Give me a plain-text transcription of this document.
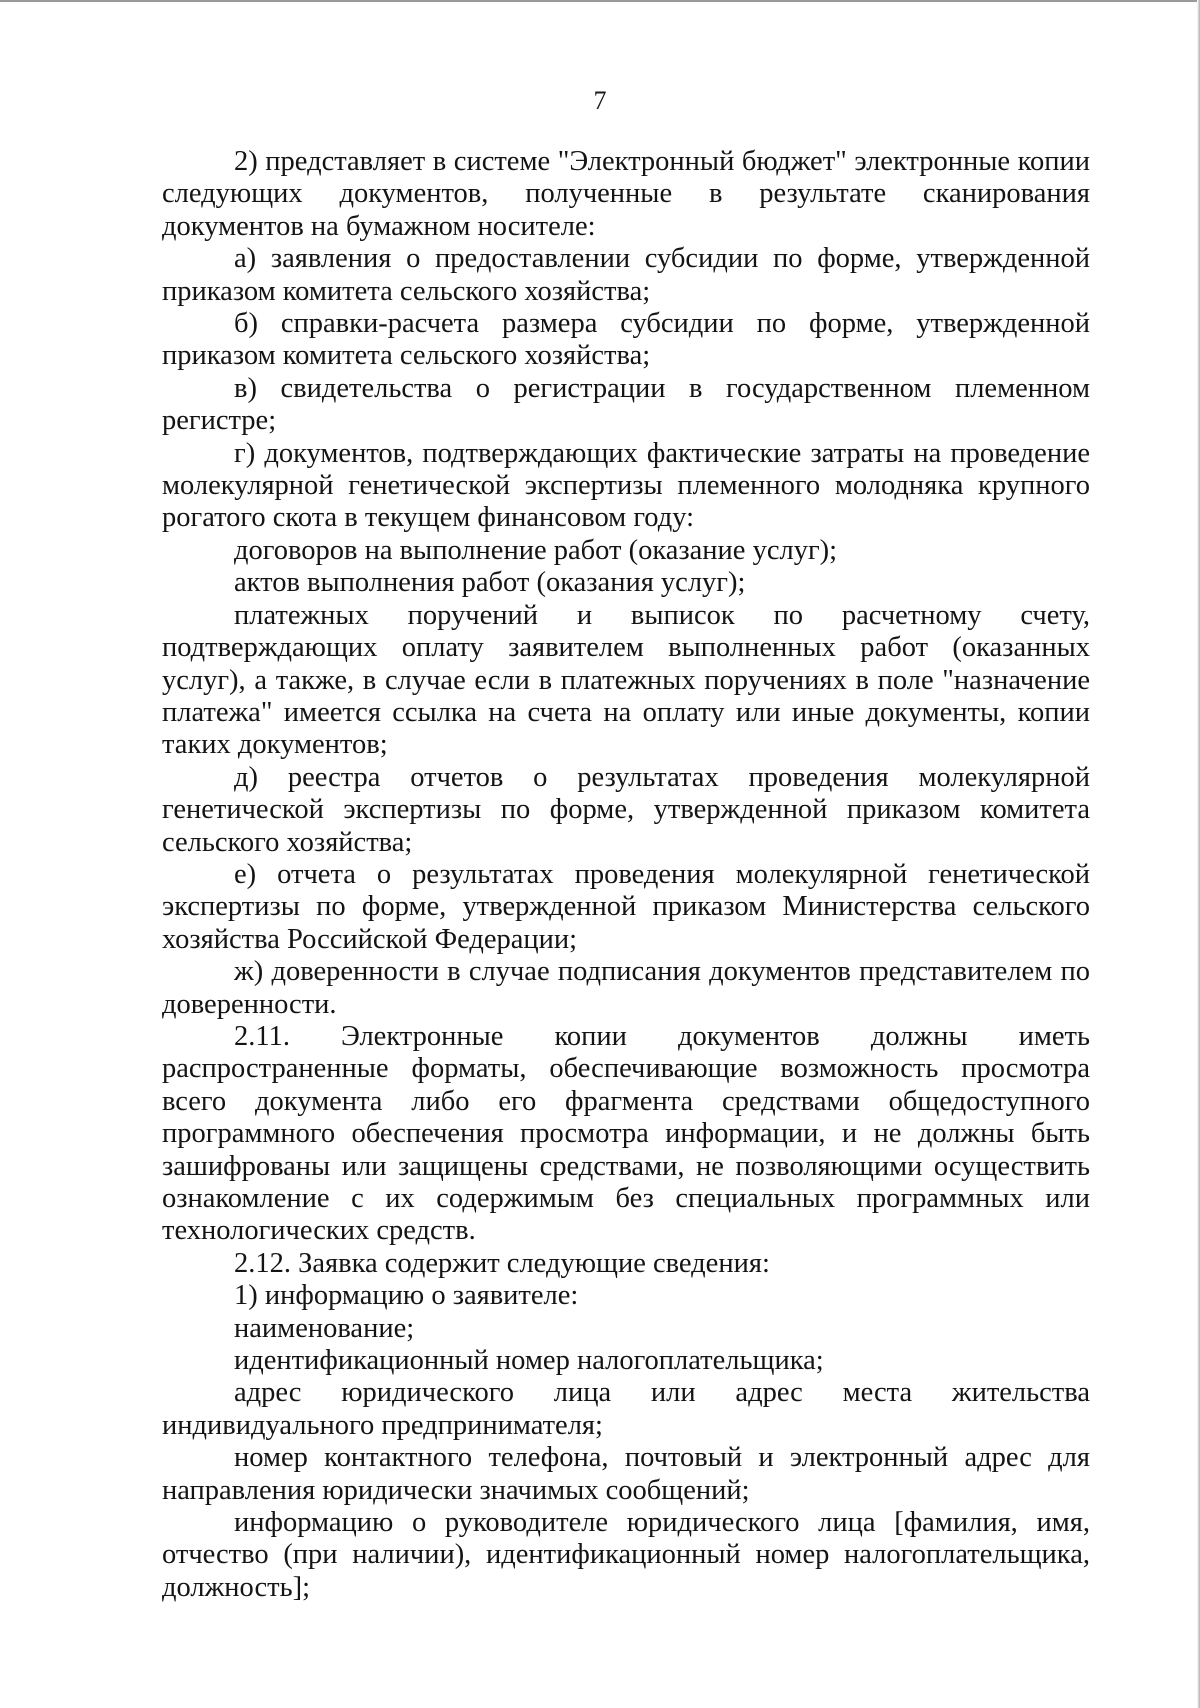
7

2) представляет в системе "Электронный бюджет" электронные копии следующих документов, полученные в результате сканирования документов на бумажном носителе:

а) заявления о предоставлении субсидии по форме, утвержденной приказом комитета сельского хозяйства;

б) справки-расчета размера субсидии по форме, утвержденной приказом комитета сельского хозяйства;

в) свидетельства о регистрации в государственном племенном регистре;

г) документов, подтверждающих фактические затраты на проведение молекулярной генетической экспертизы племенного молодняка крупного рогатого скота в текущем финансовом году:

договоров на выполнение работ (оказание услуг);

актов выполнения работ (оказания услуг);

платежных поручений и выписок по расчетному счету, подтверждающих оплату заявителем выполненных работ (оказанных услуг), а также, в случае если в платежных поручениях в поле "назначение платежа" имеется ссылка на счета на оплату или иные документы, копии таких документов;

д) реестра отчетов о результатах проведения молекулярной генетической экспертизы по форме, утвержденной приказом комитета сельского хозяйства;

е) отчета о результатах проведения молекулярной генетической экспертизы по форме, утвержденной приказом Министерства сельского хозяйства Российской Федерации;

ж) доверенности в случае подписания документов представителем по доверенности.

2.11. Электронные копии документов должны иметь распространенные форматы, обеспечивающие возможность просмотра всего документа либо его фрагмента средствами общедоступного программного обеспечения просмотра информации, и не должны быть зашифрованы или защищены средствами, не позволяющими осуществить ознакомление с их содержимым без специальных программных или технологических средств.

2.12. Заявка содержит следующие сведения:

1) информацию о заявителе:

наименование;

идентификационный номер налогоплательщика;

адрес юридического лица или адрес места жительства индивидуального предпринимателя;

номер контактного телефона, почтовый и электронный адрес для направления юридически значимых сообщений;

информацию о руководителе юридического лица [фамилия, имя, отчество (при наличии), идентификационный номер налогоплательщика, должность];
